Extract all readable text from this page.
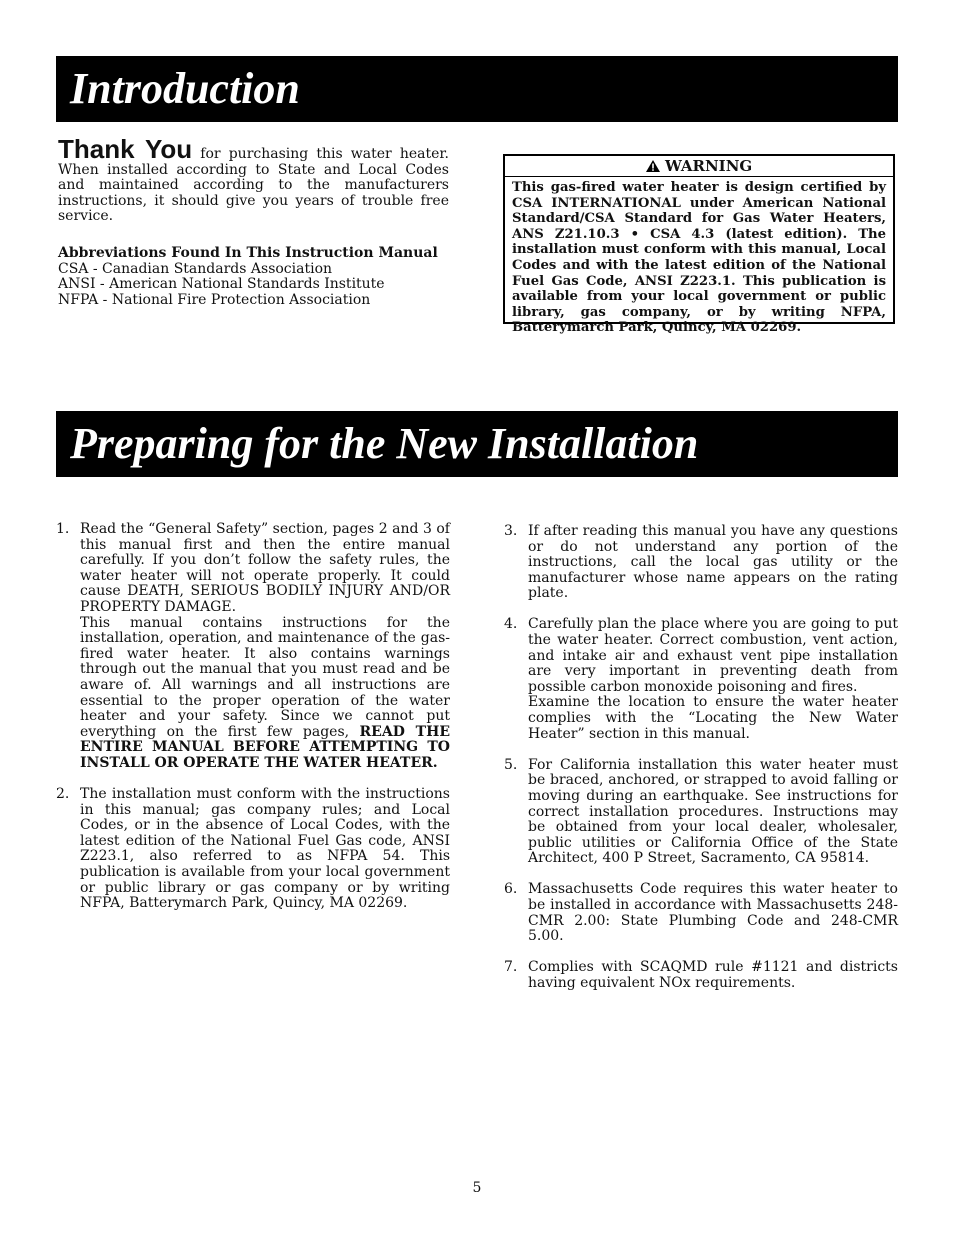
Introduction
Thank You for purchasing this water heater. When installed according to State and Local Codes and maintained according to the manufacturers instructions, it should give you years of trouble free service.
Abbreviations Found In This Instruction Manual
CSA - Canadian Standards Association
ANSI - American National Standards Institute
NFPA - National Fire Protection Association
WARNING
This gas-fired water heater is design certified by CSA INTERNATIONAL under American National Standard/CSA Standard for Gas Water Heaters, ANS Z21.10.3 • CSA 4.3 (latest edition). The installation must conform with this manual, Local Codes and with the latest edition of the National Fuel Gas Code, ANSI Z223.1. This publication is available from your local government or public library, gas company, or by writing NFPA, Batterymarch Park, Quincy, MA 02269.
Preparing for the New Installation
1. Read the “General Safety” section, pages 2 and 3 of this manual first and then the entire manual carefully. If you don’t follow the safety rules, the water heater will not operate properly. It could cause DEATH, SERIOUS BODILY INJURY AND/OR PROPERTY DAMAGE.
This manual contains instructions for the installation, operation, and maintenance of the gas-fired water heater. It also contains warnings through out the manual that you must read and be aware of. All warnings and all instructions are essential to the proper operation of the water heater and your safety. Since we cannot put everything on the first few pages, READ THE ENTIRE MANUAL BEFORE ATTEMPTING TO INSTALL OR OPERATE THE WATER HEATER.
2. The installation must conform with the instructions in this manual; gas company rules; and Local Codes, or in the absence of Local Codes, with the latest edition of the National Fuel Gas code, ANSI Z223.1, also referred to as NFPA 54. This publication is available from your local government or public library or gas company or by writing NFPA, Batterymarch Park, Quincy, MA 02269.
3. If after reading this manual you have any questions or do not understand any portion of the instructions, call the local gas utility or the manufacturer whose name appears on the rating plate.
4. Carefully plan the place where you are going to put the water heater. Correct combustion, vent action, and intake air and exhaust vent pipe installation are very important in preventing death from possible carbon monoxide poisoning and fires.
Examine the location to ensure the water heater complies with the “Locating the New Water Heater” section in this manual.
5. For California installation this water heater must be braced, anchored, or strapped to avoid falling or moving during an earthquake. See instructions for correct installation procedures. Instructions may be obtained from your local dealer, wholesaler, public utilities or California Office of the State Architect, 400 P Street, Sacramento, CA 95814.
6. Massachusetts Code requires this water heater to be installed in accordance with Massachusetts 248-CMR 2.00: State Plumbing Code and 248-CMR 5.00.
7. Complies with SCAQMD rule #1121 and districts having equivalent NOx requirements.
5
